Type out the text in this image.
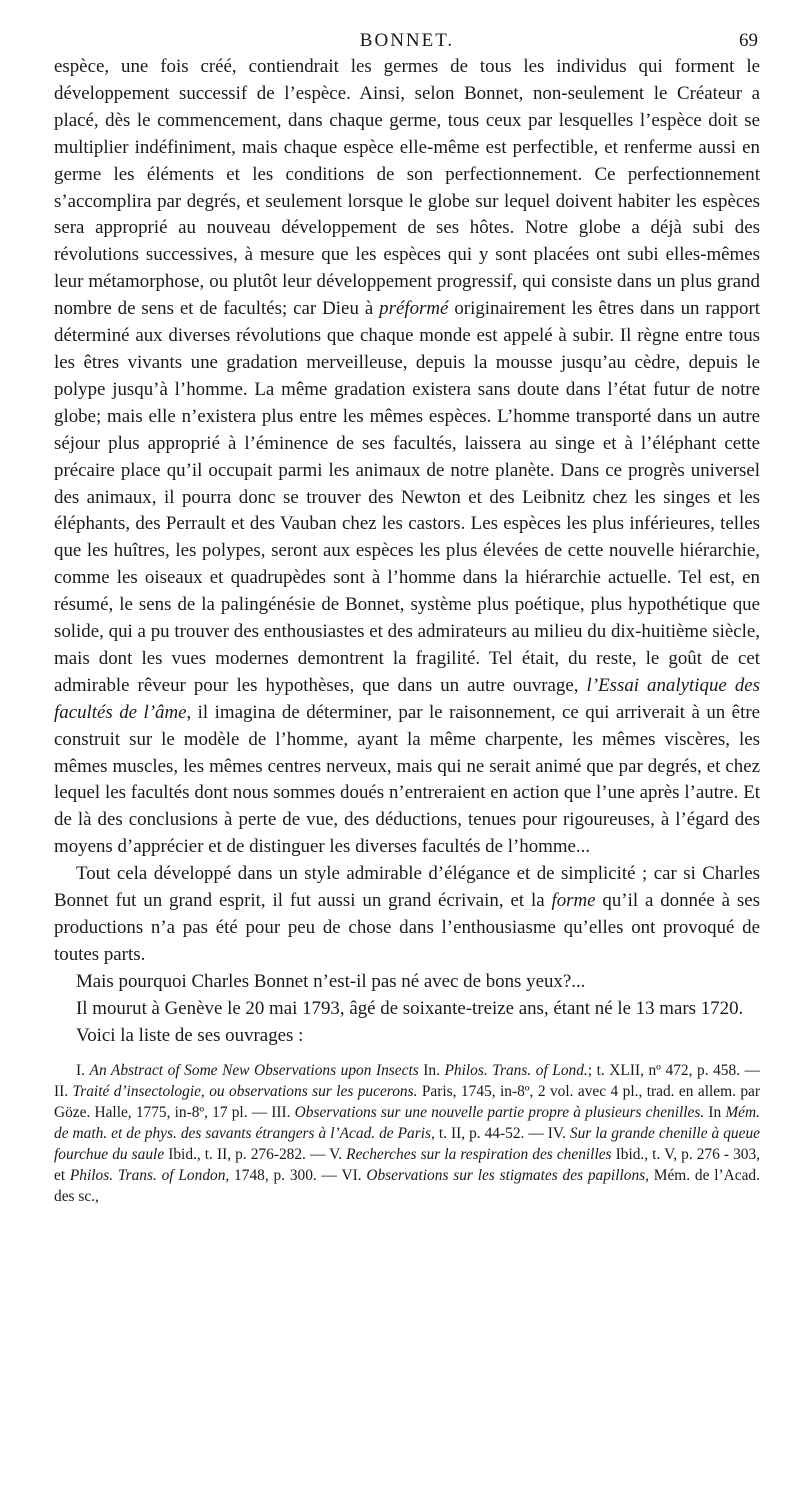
BONNET.	69

espèce, une fois créé, contiendrait les germes de tous les individus qui forment le développement successif de l’espèce. Ainsi, selon Bonnet, non-seulement le Créateur a placé, dès le commencement, dans chaque germe, tous ceux par lesquelles l’espèce doit se multiplier indéfiniment, mais chaque espèce elle-même est perfectible, et renferme aussi en germe les éléments et les conditions de son perfectionnement. Ce perfectionnement s’accomplira par degrés, et seulement lorsque le globe sur lequel doivent habiter les espèces sera approprié au nouveau développement de ses hôtes. Notre globe a déjà subi des révolutions successives, à mesure que les espèces qui y sont placées ont subi elles-mêmes leur métamorphose, ou plutôt leur développement progressif, qui consiste dans un plus grand nombre de sens et de facultés; car Dieu à préformé originairement les êtres dans un rapport déterminé aux diverses révolutions que chaque monde est appelé à subir. Il règne entre tous les êtres vivants une gradation merveilleuse, depuis la mousse jusqu’au cèdre, depuis le polype jusqu’à l’homme. La même gradation existera sans doute dans l’état futur de notre globe; mais elle n’existera plus entre les mêmes espèces. L’homme transporté dans un autre séjour plus approprié à l’éminence de ses facultés, laissera au singe et à l’éléphant cette précaire place qu’il occupait parmi les animaux de notre planète. Dans ce progrès universel des animaux, il pourra donc se trouver des Newton et des Leibnitz chez les singes et les éléphants, des Perrault et des Vauban chez les castors. Les espèces les plus inférieures, telles que les huîtres, les polypes, seront aux espèces les plus élevées de cette nouvelle hiérarchie, comme les oiseaux et quadrupèdes sont à l’homme dans la hiérarchie actuelle. Tel est, en résumé, le sens de la palingénésie de Bonnet, système plus poétique, plus hypothétique que solide, qui a pu trouver des enthousiastes et des admirateurs au milieu du dix-huitième siècle, mais dont les vues modernes demontrent la fragilité. Tel était, du reste, le goût de cet admirable rêveur pour les hypothèses, que dans un autre ouvrage, l’Essai analytique des facultés de l’âme, il imagina de déterminer, par le raisonnement, ce qui arriverait à un être construit sur le modèle de l’homme, ayant la même charpente, les mêmes viscères, les mêmes muscles, les mêmes centres nerveux, mais qui ne serait animé que par degrés, et chez lequel les facultés dont nous sommes doués n’entreraient en action que l’une après l’autre. Et de là des conclusions à perte de vue, des déductions, tenues pour rigoureuses, à l’égard des moyens d’apprécier et de distinguer les diverses facultés de l’homme...

Tout cela développé dans un style admirable d’élégance et de simplicité ; car si Charles Bonnet fut un grand esprit, il fut aussi un grand écrivain, et la forme qu’il a donnée à ses productions n’a pas été pour peu de chose dans l’enthousiasme qu’elles ont provoqué de toutes parts.

Mais pourquoi Charles Bonnet n’est-il pas né avec de bons yeux?...

Il mourut à Genève le 20 mai 1793, âgé de soixante-treize ans, étant né le 13 mars 1720.

Voici la liste de ses ouvrages :

I. An Abstract of Some New Observations upon Insects In. Philos. Trans. of Lond.; t. XLII, nº 472, p. 458. — II. Traité d’insectologie, ou observations sur les pucerons. Paris, 1745, in-8º, 2 vol. avec 4 pl., trad. en allem. par Göze. Halle, 1775, in-8º, 17 pl. — III. Observations sur une nouvelle partie propre à plusieurs chenilles. In Mém. de math. et de phys. des savants étrangers à l’Acad. de Paris, t. II, p. 44-52. — IV. Sur la grande chenille à queue fourchue du saule Ibid., t. II, p. 276-282. — V. Recherches sur la respiration des chenilles Ibid., t. V, p. 276 - 303, et Philos. Trans. of London, 1748, p. 300. — VI. Observations sur les stigmates des papillons, Mém. de l’Acad. des sc.,
